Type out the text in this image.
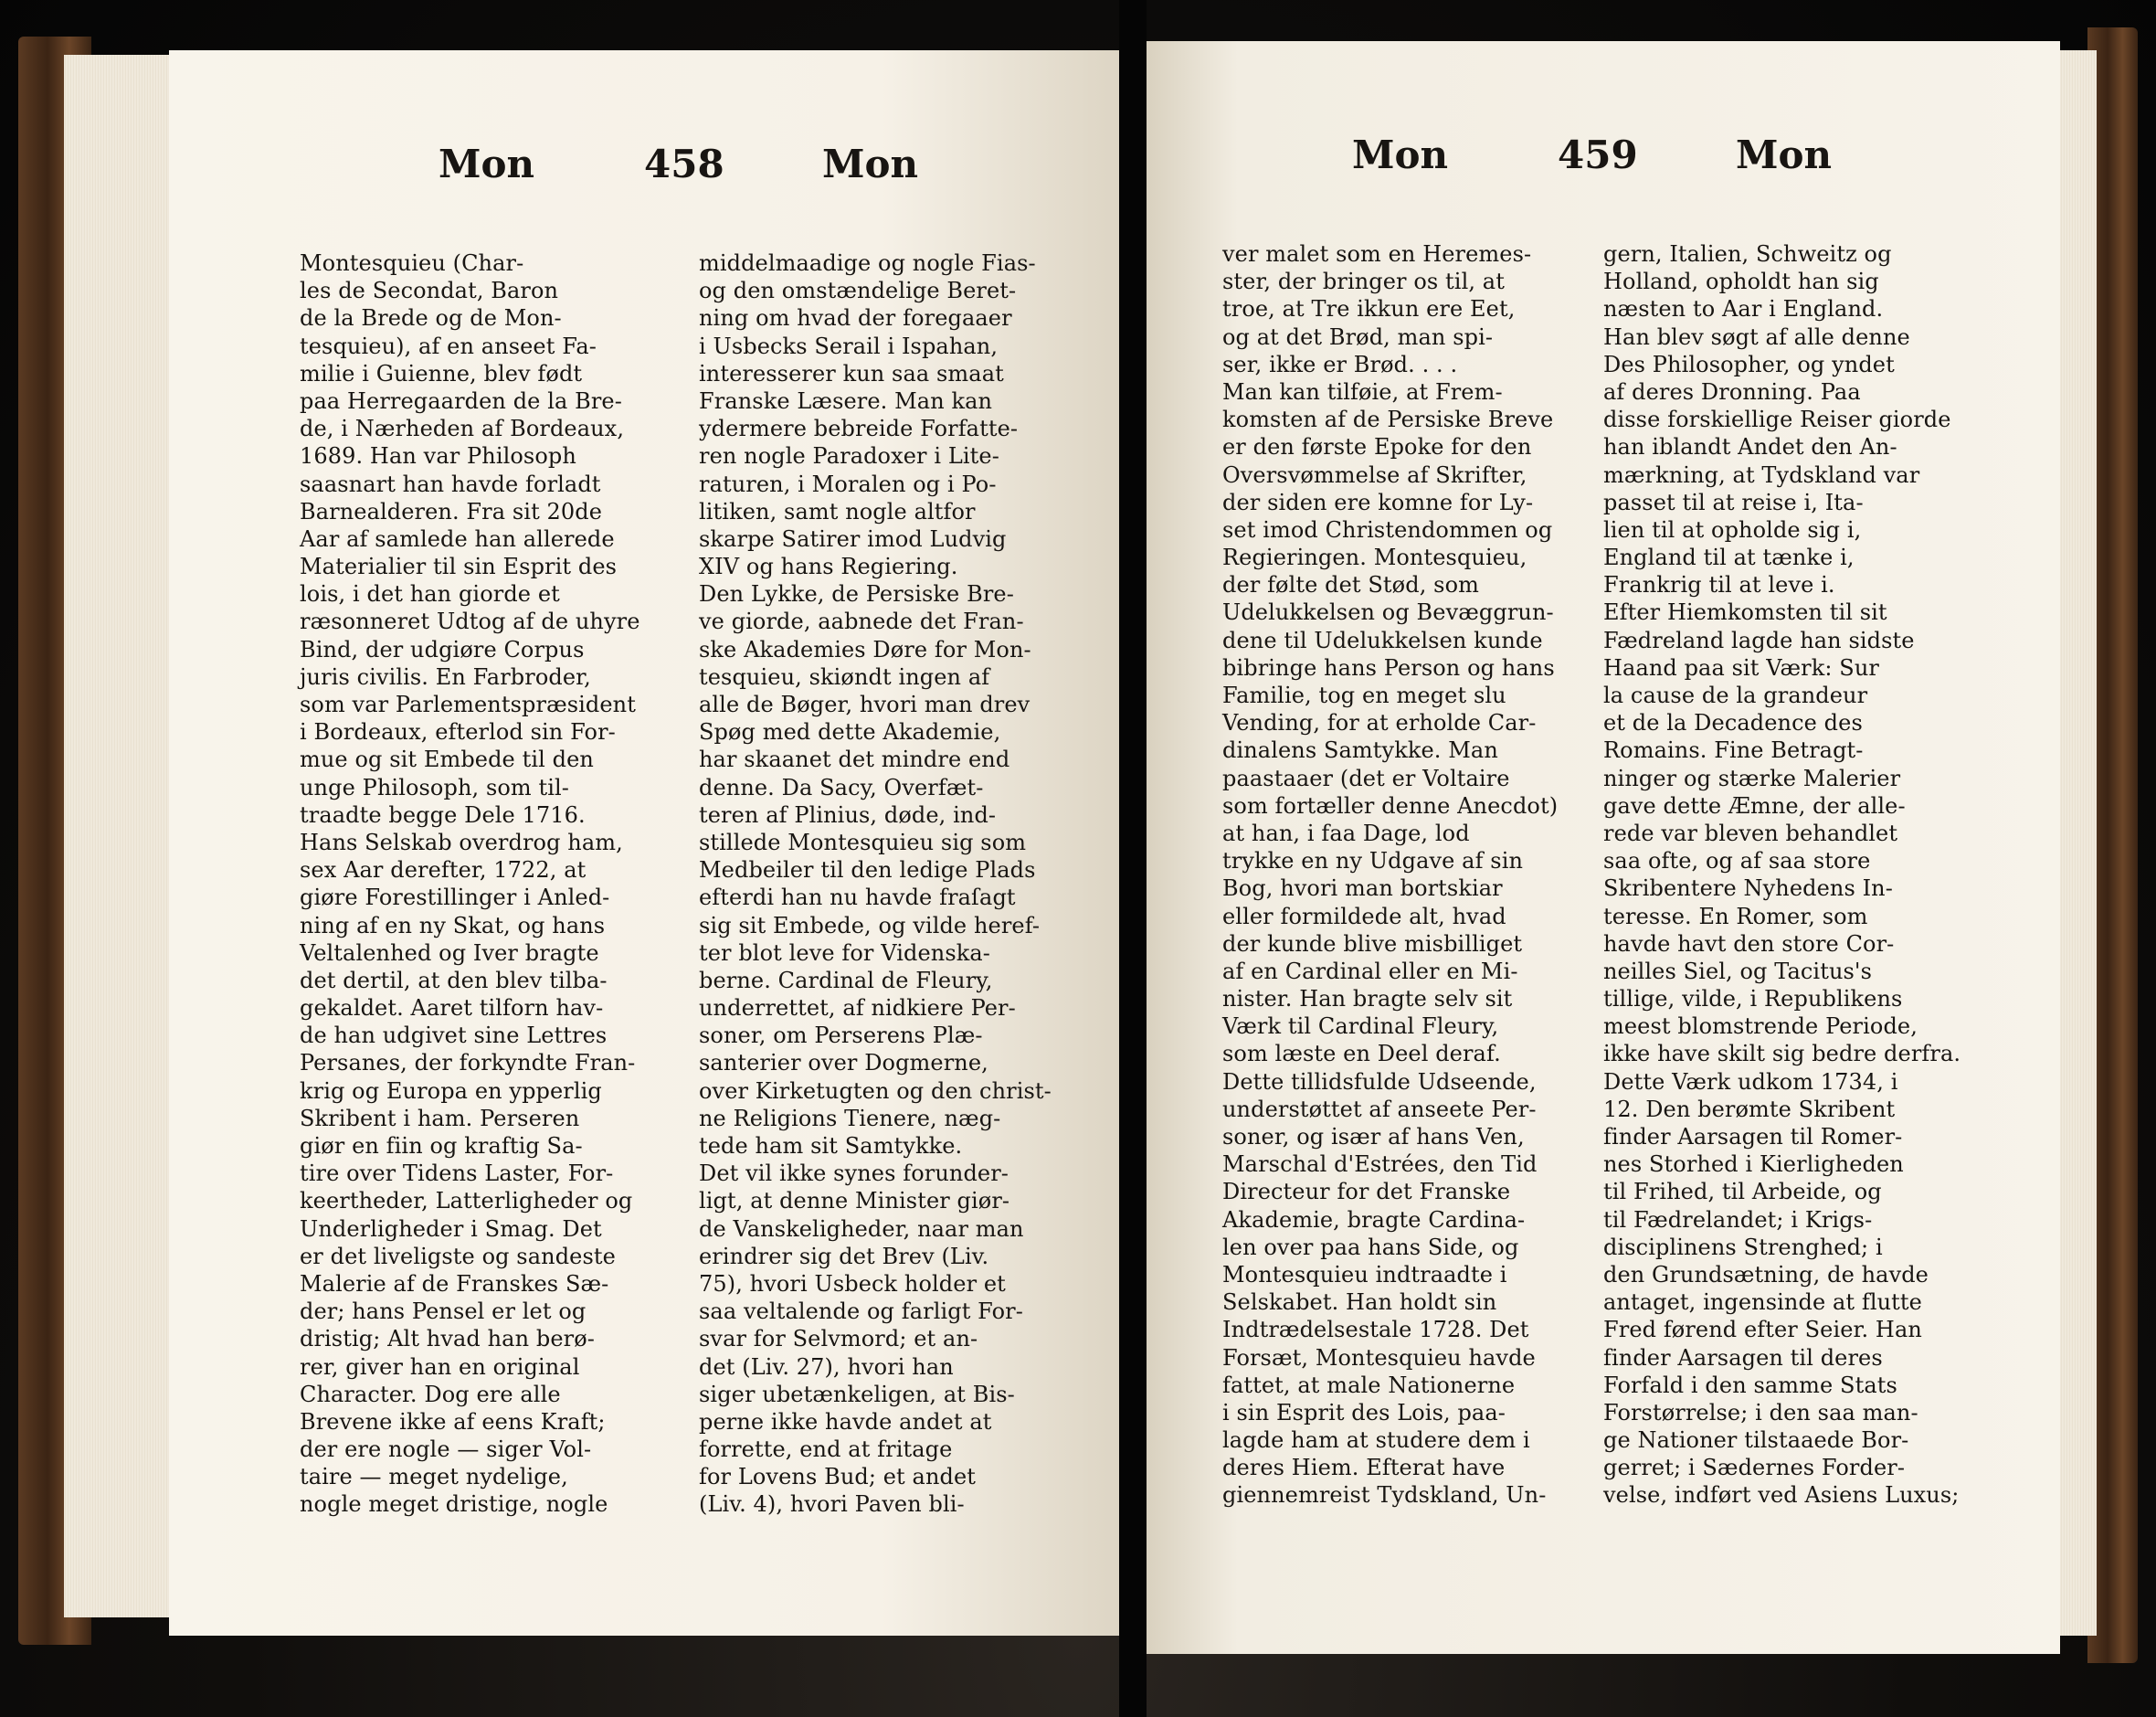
Mon	458	Mon
Montesquieu (Char-
les de Secondat, Baron
de la Brede og de Mon-
tesquieu), af en anseet Fa-
milie i Guienne, blev født
paa Herregaarden de la Bre-
de, i Nærheden af Bordeaux,
1689. Han var Philosoph
saasnart han havde forladt
Barnealderen. Fra sit 20de
Aar af samlede han allerede
Materialier til sin Esprit des
lois, i det han giorde et
ræsonneret Udtog af de uhyre
Bind, der udgiøre Corpus
juris civilis. En Farbroder,
som var Parlementspræsident
i Bordeaux, efterlod sin For-
mue og sit Embede til den
unge Philosoph, som til-
traadte begge Dele 1716.
Hans Selskab overdrog ham,
sex Aar derefter, 1722, at
giøre Forestillinger i Anled-
ning af en ny Skat, og hans
Veltalenhed og Iver bragte
det dertil, at den blev tilba-
gekaldet. Aaret tilforn hav-
de han udgivet sine Lettres
Persanes, der forkyndte Fran-
krig og Europa en ypperlig
Skribent i ham. Perseren
giør en fiin og kraftig Sa-
tire over Tidens Laster, For-
keertheder, Latterligheder og
Underligheder i Smag. Det
er det liveligste og sandeste
Malerie af de Franskes Sæ-
der; hans Pensel er let og
dristig; Alt hvad han berø-
rer, giver han en original
Character. Dog ere alle
Brevene ikke af eens Kraft;
der ere nogle — siger Vol-
taire — meget nydelige,
nogle meget dristige, nogle
middelmaadige og nogle Fias-
og den omstændelige Beret-
ning om hvad der foregaaer
i Usbecks Serail i Ispahan,
interesserer kun saa smaat
Franske Læsere. Man kan
ydermere bebreide Forfatte-
ren nogle Paradoxer i Lite-
raturen, i Moralen og i Po-
litiken, samt nogle altfor
skarpe Satirer imod Ludvig
XIV og hans Regiering.
Den Lykke, de Persiske Bre-
ve giorde, aabnede det Fran-
ske Akademies Døre for Mon-
tesquieu, skiøndt ingen af
alle de Bøger, hvori man drev
Spøg med dette Akademie,
har skaanet det mindre end
denne. Da Sacy, Overfæt-
teren af Plinius, døde, ind-
stillede Montesquieu sig som
Medbeiler til den ledige Plads
efterdi han nu havde fraſagt
sig sit Embede, og vilde heref-
ter blot leve for Videnska-
berne. Cardinal de Fleury,
underrettet, af nidkiere Per-
soner, om Perserens Plæ-
santerier over Dogmerne,
over Kirketugten og den christ-
ne Religions Tienere, næg-
tede ham sit Samtykke.
Det vil ikke synes forunder-
ligt, at denne Minister giør-
de Vanskeligheder, naar man
erindrer sig det Brev (Liv.
75), hvori Usbeck holder et
saa veltalende og farligt For-
svar for Selvmord; et an-
det (Liv. 27), hvori han
siger ubetænkeligen, at Bis-
perne ikke havde andet at
forrette, end at fritage
for Lovens Bud; et andet
(Liv. 4), hvori Paven bli-
Mon	459	Mon
ver malet som en Heremes-
ster, der bringer os til, at
troe, at Tre ikkun ere Eet,
og at det Brød, man spi-
ser, ikke er Brød. . . .
Man kan tilføie, at Frem-
komsten af de Persiske Breve
er den første Epoke for den
Oversvømmelse af Skrifter,
der siden ere komne for Ly-
set imod Christendommen og
Regieringen. Montesquieu,
der følte det Stød, som
Udelukkelsen og Bevæggrun-
dene til Udelukkelsen kunde
bibringe hans Person og hans
Familie, tog en meget slu
Vending, for at erholde Car-
dinalens Samtykke. Man
paastaaer (det er Voltaire
som fortæller denne Anecdot)
at han, i faa Dage, lod
trykke en ny Udgave af sin
Bog, hvori man bortskiar
eller formildede alt, hvad
der kunde blive misbilliget
af en Cardinal eller en Mi-
nister. Han bragte selv sit
Værk til Cardinal Fleury,
som læste en Deel deraf.
Dette tillidsfulde Udseende,
understøttet af anseete Per-
soner, og især af hans Ven,
Marschal d'Estrées, den Tid
Directeur for det Franske
Akademie, bragte Cardina-
len over paa hans Side, og
Montesquieu indtraadte i
Selskabet. Han holdt sin
Indtrædelsestale 1728. Det
Forsæt, Montesquieu havde
fattet, at male Nationerne
i sin Esprit des Lois, paa-
lagde ham at studere dem i
deres Hiem. Efterat have
giennemreist Tydskland, Un-
gern, Italien, Schweitz og
Holland, opholdt han sig
næsten to Aar i England.
Han blev søgt af alle denne
Des Philosopher, og yndet
af deres Dronning. Paa
disse forskiellige Reiser giorde
han iblandt Andet den An-
mærkning, at Tydskland var
passet til at reise i, Ita-
lien til at opholde sig i,
England til at tænke i,
Frankrig til at leve i.
Efter Hiemkomsten til sit
Fædreland lagde han sidste
Haand paa sit Værk: Sur
la cause de la grandeur
et de la Decadence des
Romains. Fine Betragt-
ninger og stærke Malerier
gave dette Æmne, der alle-
rede var bleven behandlet
saa ofte, og af saa store
Skribentere Nyhedens In-
teresse. En Romer, som
havde havt den store Cor-
neilles Siel, og Tacitus's
tillige, vilde, i Republikens
meest blomstrende Periode,
ikke have skilt sig bedre derfra.
Dette Værk udkom 1734, i
12. Den berømte Skribent
finder Aarsagen til Romer-
nes Storhed i Kierligheden
til Frihed, til Arbeide, og
til Fædrelandet; i Krigs-
disciplinens Strenghed; i
den Grundsætning, de havde
antaget, ingensinde at flutte
Fred førend efter Seier. Han
finder Aarsagen til deres
Forfald i den samme Stats
Forstørrelse; i den saa man-
ge Nationer tilstaaede Bor-
gerret; i Sædernes Forder-
velse, indført ved Asiens Luxus;
